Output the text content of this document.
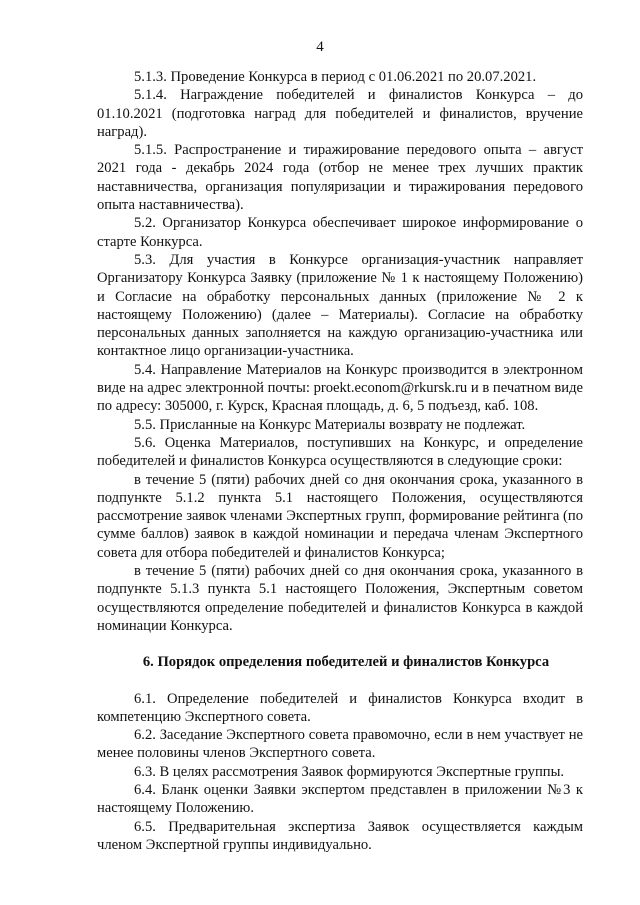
4

5.1.3. Проведение Конкурса в период с 01.06.2021 по 20.07.2021.

5.1.4. Награждение победителей и финалистов Конкурса – до 01.10.2021 (подготовка наград для победителей и финалистов, вручение наград).

5.1.5. Распространение и тиражирование передового опыта – август 2021 года - декабрь 2024 года (отбор не менее трех лучших практик наставничества, организация популяризации и тиражирования передового опыта наставничества).

5.2. Организатор Конкурса обеспечивает широкое информирование о старте Конкурса.

5.3. Для участия в Конкурсе организация-участник направляет Организатору Конкурса Заявку (приложение № 1 к настоящему Положению) и Согласие на обработку персональных данных (приложение № 2 к настоящему Положению) (далее – Материалы). Согласие на обработку персональных данных заполняется на каждую организацию-участника или контактное лицо организации-участника.

5.4. Направление Материалов на Конкурс производится в электронном виде на адрес электронной почты: proekt.econom@rkursk.ru и в печатном виде по адресу: 305000, г. Курск, Красная площадь, д. 6, 5 подъезд, каб. 108.

5.5. Присланные на Конкурс Материалы возврату не подлежат.

5.6. Оценка Материалов, поступивших на Конкурс, и определение победителей и финалистов Конкурса осуществляются в следующие сроки:

в течение 5 (пяти) рабочих дней со дня окончания срока, указанного в подпункте 5.1.2 пункта 5.1 настоящего Положения, осуществляются рассмотрение заявок членами Экспертных групп, формирование рейтинга (по сумме баллов) заявок в каждой номинации и передача членам Экспертного совета для отбора победителей и финалистов Конкурса;

в течение 5 (пяти) рабочих дней со дня окончания срока, указанного в подпункте 5.1.3 пункта 5.1 настоящего Положения, Экспертным советом осуществляются определение победителей и финалистов Конкурса в каждой номинации Конкурса.

6. Порядок определения победителей и финалистов Конкурса

6.1. Определение победителей и финалистов Конкурса входит в компетенцию Экспертного совета.

6.2. Заседание Экспертного совета правомочно, если в нем участвует не менее половины членов Экспертного совета.

6.3. В целях рассмотрения Заявок формируются Экспертные группы.

6.4. Бланк оценки Заявки экспертом представлен в приложении №3 к настоящему Положению.

6.5. Предварительная экспертиза Заявок осуществляется каждым членом Экспертной группы индивидуально.
